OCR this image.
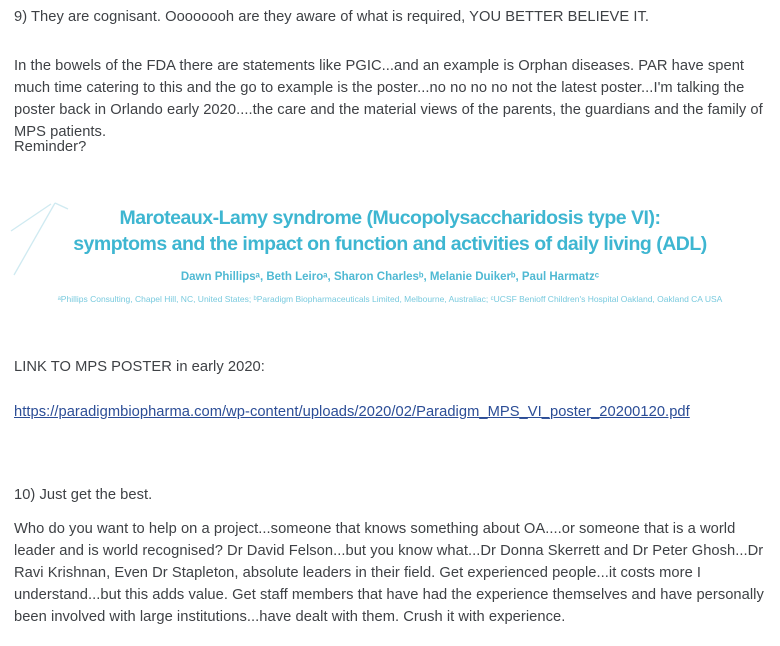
9) They are cognisant. Oooooooh are they aware of what is required, YOU BETTER BELIEVE IT.
In the bowels of the FDA there are statements like PGIC...and an example is Orphan diseases. PAR have spent much time catering to this and the go to example is the poster...no no no no not the latest poster...I'm talking the poster back in Orlando early 2020....the care and the material views of the parents, the guardians and the family of MPS patients.
Reminder?
Maroteaux-Lamy syndrome (Mucopolysaccharidosis type VI):
symptoms and the impact on function and activities of daily living (ADL)
Dawn Phillipsᵃ, Beth Leiroᵃ, Sharon Charlesᵇ, Melanie Duikerᵇ, Paul Harmatzᶜ
ᵃPhillips Consulting, Chapel Hill, NC, United States; ᵇParadigm Biopharmaceuticals Limited, Melbourne, Australiac; ᶜUCSF Benioff Children's Hospital Oakland, Oakland CA USA
LINK TO MPS POSTER in early 2020:
https://paradigmbiopharma.com/wp-content/uploads/2020/02/Paradigm_MPS_VI_poster_20200120.pdf
10) Just get the best.
Who do you want to help on a project...someone that knows something about OA....or someone that is a world leader and is world recognised? Dr David Felson...but you know what...Dr Donna Skerrett and Dr Peter Ghosh...Dr Ravi Krishnan, Even Dr Stapleton, absolute leaders in their field. Get experienced people...it costs more I understand...but this adds value. Get staff members that have had the experience themselves and have personally been involved with large institutions...have dealt with them. Crush it with experience.
